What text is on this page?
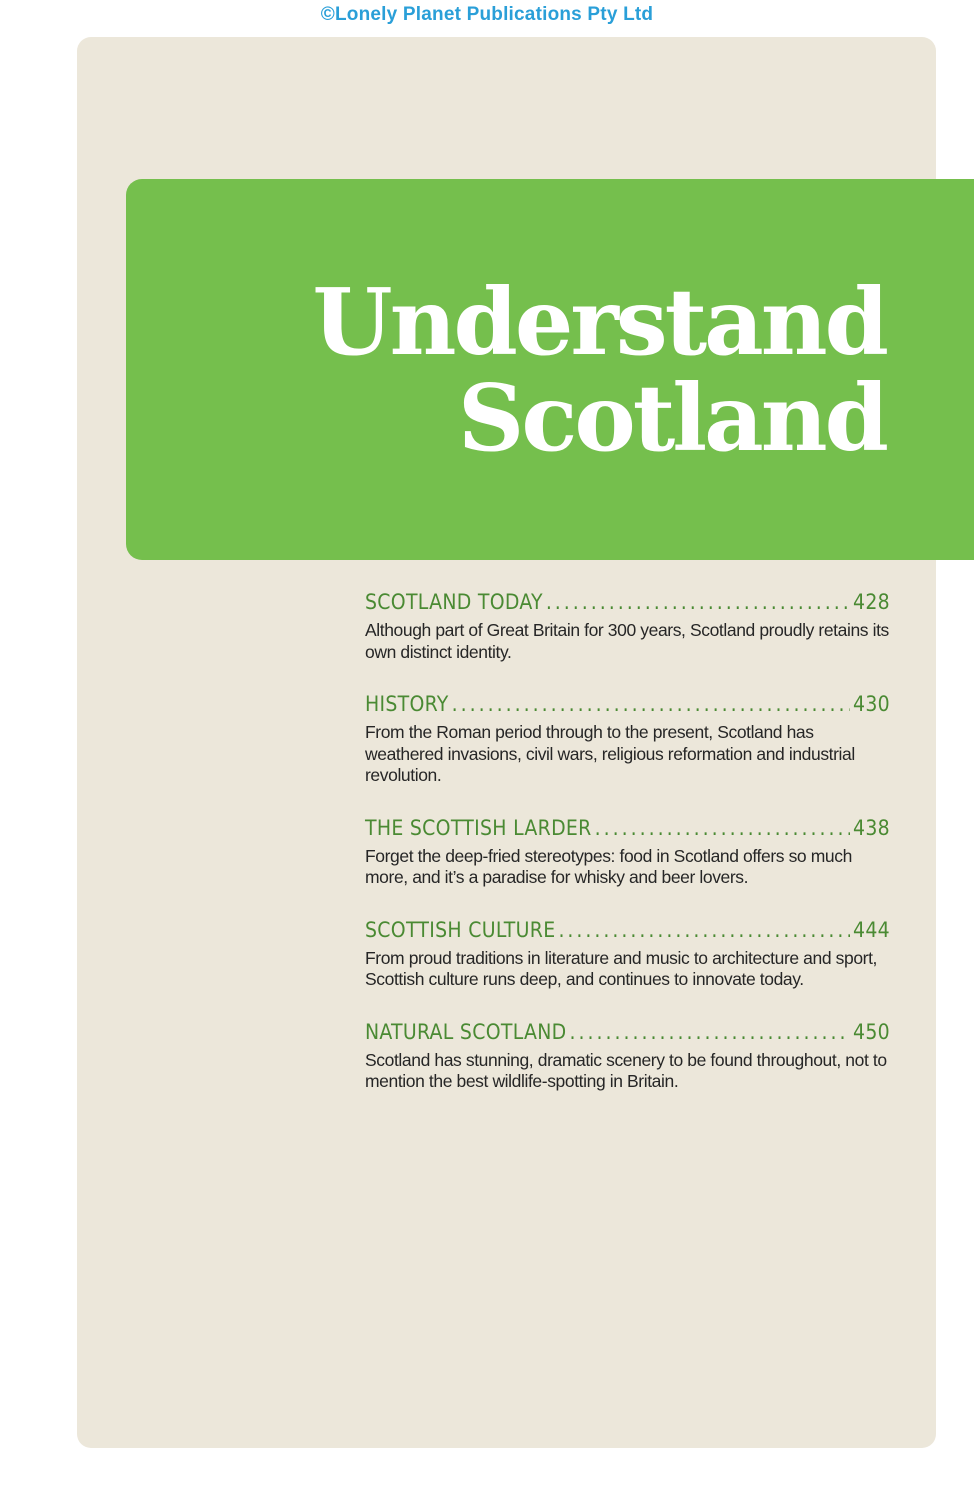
©Lonely Planet Publications Pty Ltd
Understand
Scotland
SCOTLAND TODAY .....	428

Although part of Great Britain for 300 years, Scotland proudly retains its own distinct identity.

HISTORY .....	430

From the Roman period through to the present, Scotland has weathered invasions, civil wars, religious reformation and industrial revolution.

THE SCOTTISH LARDER .....	438

Forget the deep-fried stereotypes: food in Scotland offers so much more, and it’s a paradise for whisky and beer lovers.

SCOTTISH CULTURE .....	444

From proud traditions in literature and music to architecture and sport, Scottish culture runs deep, and continues to innovate today.

NATURAL SCOTLAND .....	450

Scotland has stunning, dramatic scenery to be found throughout, not to mention the best wildlife-spotting in Britain.
